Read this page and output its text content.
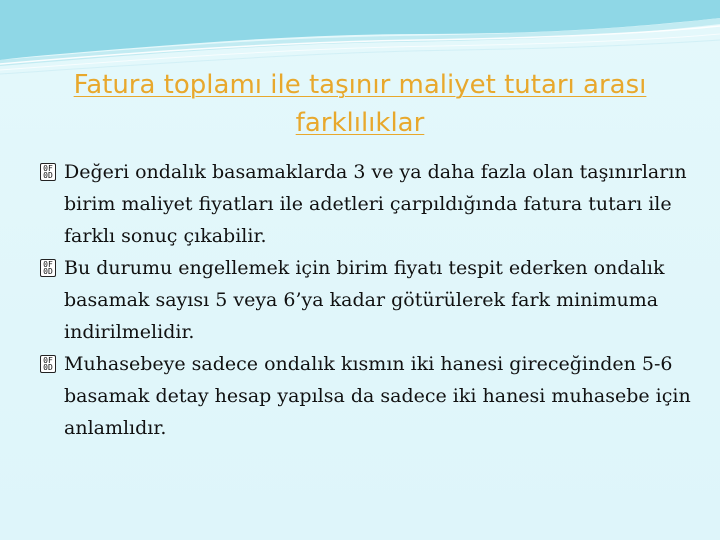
Fatura toplamı ile taşınır maliyet tutarı arası farklılıklar
0F
0D Değeri ondalık basamaklarda 3 ve ya daha fazla olan taşınırların birim maliyet fiyatları ile adetleri çarpıldığında fatura tutarı ile farklı sonuç çıkabilir.
0F
0D Bu durumu engellemek için birim fiyatı tespit ederken ondalık basamak sayısı 5 veya 6’ya kadar götürülerek fark minimuma indirilmelidir.
0F
0D Muhasebeye sadece ondalık kısmın iki hanesi gireceğinden 5-6 basamak detay hesap yapılsa da sadece iki hanesi muhasebe için anlamlıdır.
